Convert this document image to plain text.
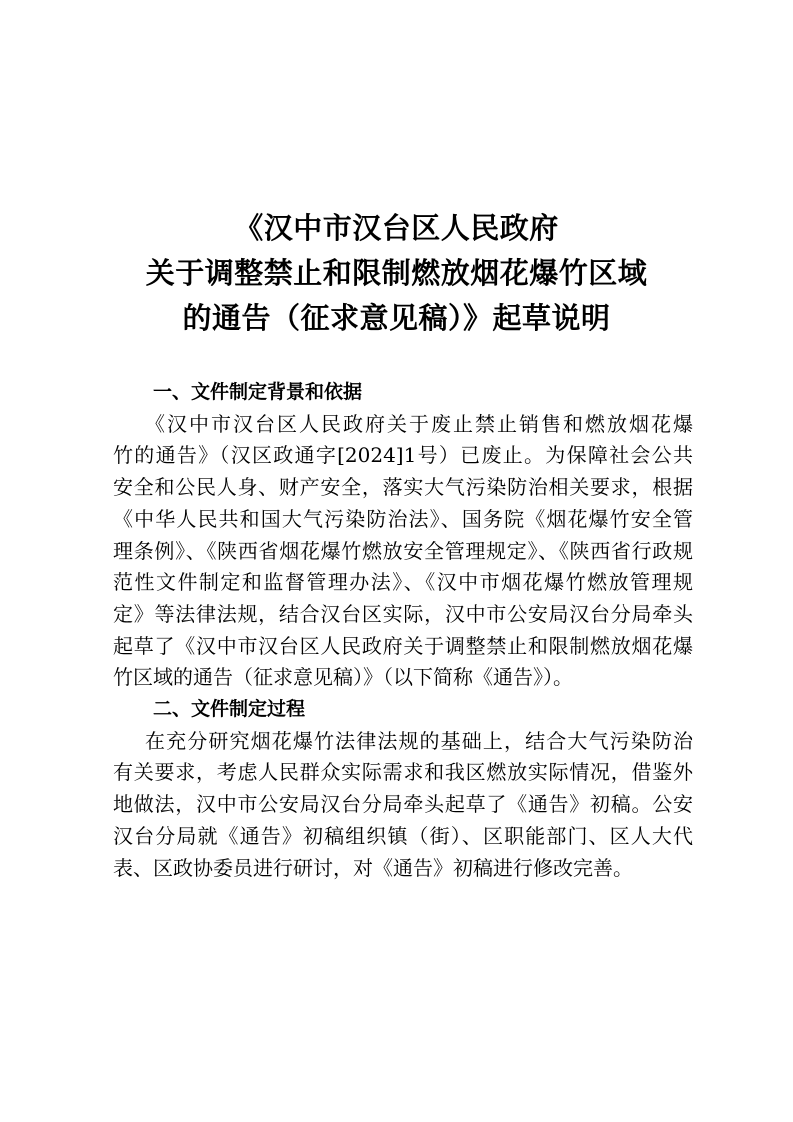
《汉中市汉台区人民政府
关于调整禁止和限制燃放烟花爆竹区域
的通告（征求意见稿）》起草说明
一、文件制定背景和依据
《汉中市汉台区人民政府关于废止禁止销售和燃放烟花爆
竹的通告》（汉区政通字[2024]1号）已废止。为保障社会公共
安全和公民人身、财产安全，落实大气污染防治相关要求，根据
《中华人民共和国大气污染防治法》、国务院《烟花爆竹安全管
理条例》、《陕西省烟花爆竹燃放安全管理规定》、《陕西省行政规
范性文件制定和监督管理办法》、《汉中市烟花爆竹燃放管理规
定》等法律法规，结合汉台区实际，汉中市公安局汉台分局牵头
起草了《汉中市汉台区人民政府关于调整禁止和限制燃放烟花爆
竹区域的通告（征求意见稿）》（以下简称《通告》）。
二、文件制定过程
在充分研究烟花爆竹法律法规的基础上，结合大气污染防治
有关要求，考虑人民群众实际需求和我区燃放实际情况，借鉴外
地做法，汉中市公安局汉台分局牵头起草了《通告》初稿。公安
汉台分局就《通告》初稿组织镇（街）、区职能部门、区人大代
表、区政协委员进行研讨，对《通告》初稿进行修改完善。
